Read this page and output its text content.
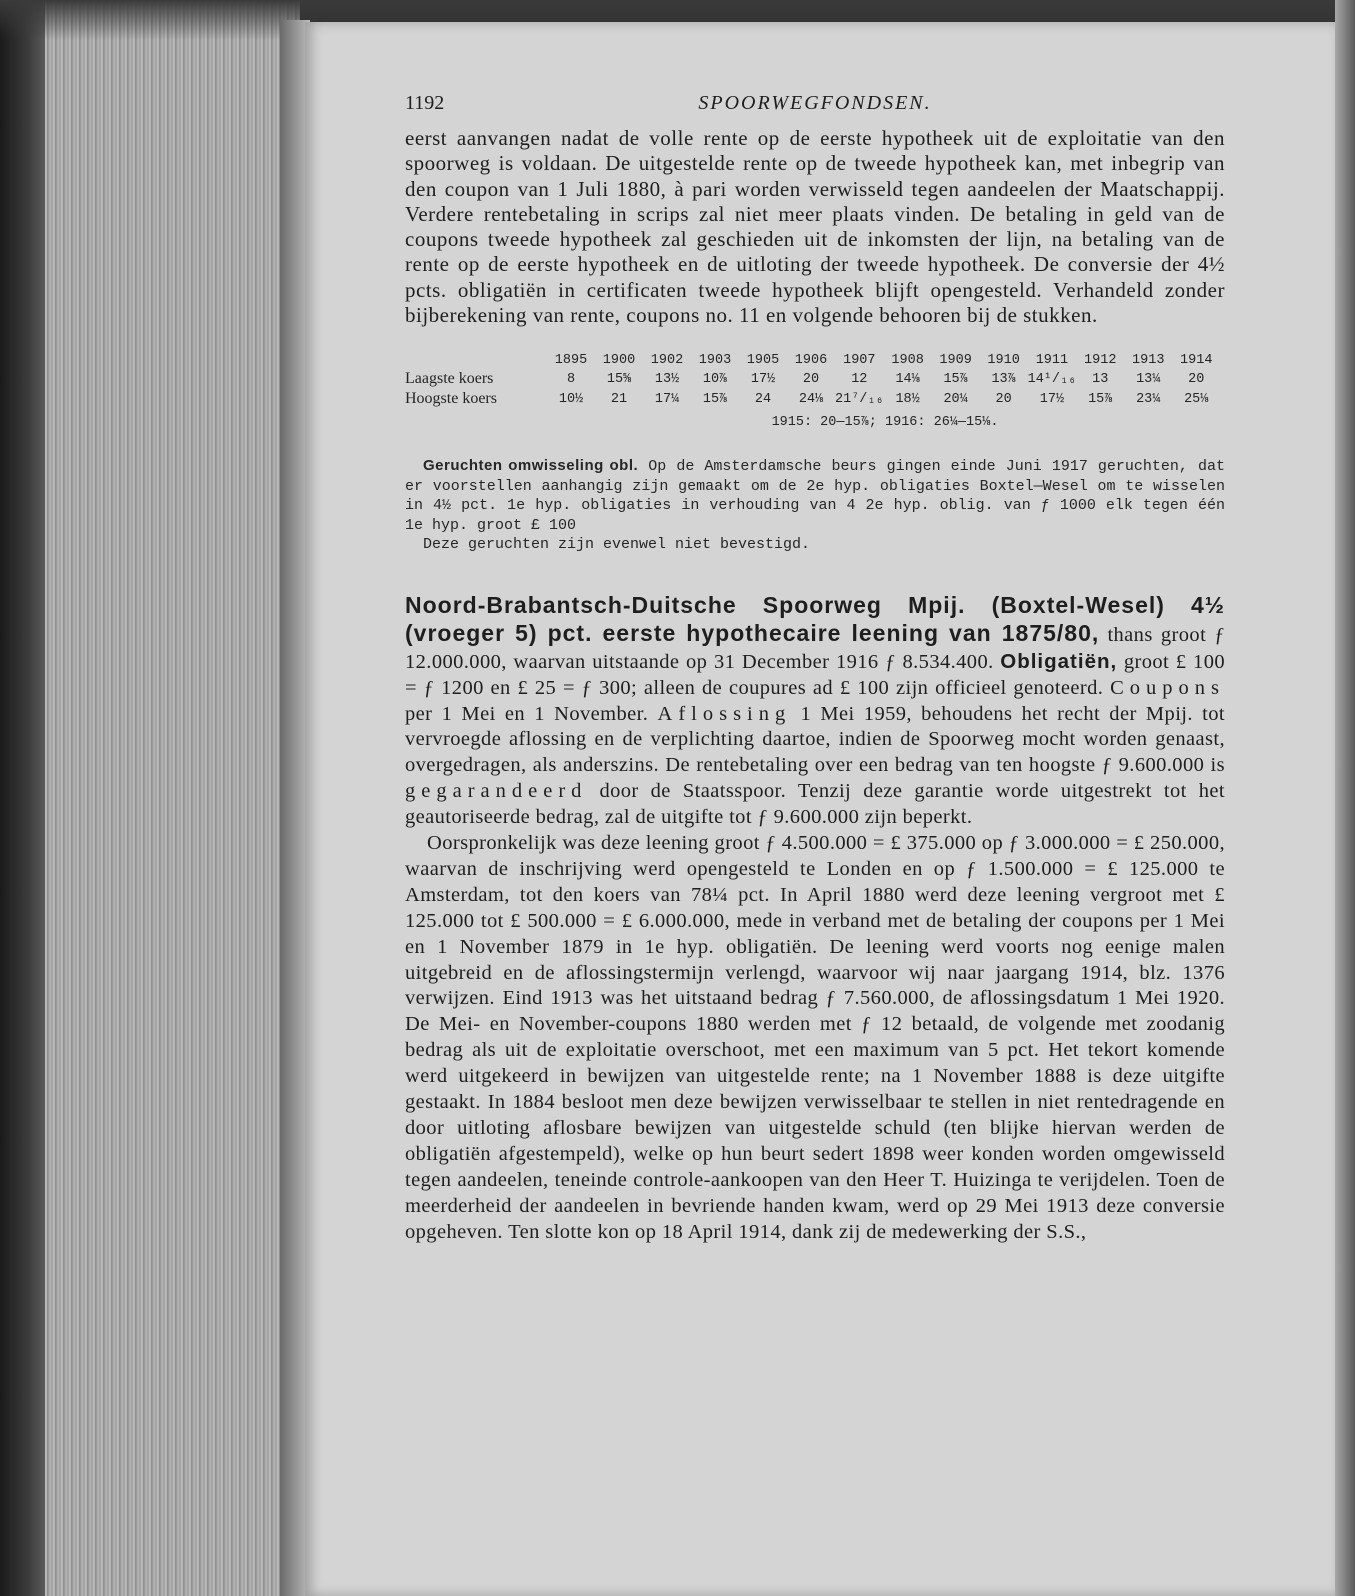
1192	SPOORWEGFONDSEN.

eerst aanvangen nadat de volle rente op de eerste hypotheek uit de exploitatie van den spoorweg is voldaan. De uitgestelde rente op de tweede hypotheek kan, met inbegrip van den coupon van 1 Juli 1880, à pari worden verwisseld tegen aandeelen der Maatschappij. Verdere rentebetaling in scrips zal niet meer plaats vinden. De betaling in geld van de coupons tweede hypotheek zal geschieden uit de inkomsten der lijn, na betaling van de rente op de eerste hypotheek en de uitloting der tweede hypotheek. De conversie der 4½ pcts. obligatiën in certificaten tweede hypotheek blijft opengesteld. Verhandeld zonder bijberekening van rente, coupons no. 11 en volgende behooren bij de stukken.

	1895	1900	1902	1903	1905	1906	1907	1908	1909	1910	1911	1912	1913	1914
Laagste koers	8	15⅝	13½	10⅞	17½	20	12	14⅛	15⅞	13⅞	14¹/₁₆	13	13¼	20
Hoogste koers	10½	21	17¼	15⅞	24	24⅛	21⁷/₁₆	18½	20¼	20	17½	15⅞	23¼	25⅛
1915: 20—15⅞; 1916: 26¼—15⅛.
Geruchten omwisseling obl. Op de Amsterdamsche beurs gingen einde Juni 1917 geruchten, dat er voorstellen aanhangig zijn gemaakt om de 2e hyp. obligaties Boxtel—Wesel om te wisselen in 4½ pct. 1e hyp. obligaties in verhouding van 4 2e hyp. oblig. van ƒ 1000 elk tegen één 1e hyp. groot £ 100
Deze geruchten zijn evenwel niet bevestigd.

Noord-Brabantsch-Duitsche Spoorweg Mpij. (Boxtel-Wesel) 4½ (vroeger 5) pct. eerste hypothecaire leening van 1875/80, thans groot ƒ 12.000.000, waarvan uitstaande op 31 December 1916 ƒ 8.534.400. Obligatiën, groot £ 100 = ƒ 1200 en £ 25 = ƒ 300; alleen de coupures ad £ 100 zijn officieel genoteerd. Coupons per 1 Mei en 1 November. Aflossing 1 Mei 1959, behoudens het recht der Mpij. tot vervroegde aflossing en de verplichting daartoe, indien de Spoorweg mocht worden genaast, overgedragen, als anderszins. De rentebetaling over een bedrag van ten hoogste ƒ 9.600.000 is gegarandeerd door de Staatsspoor. Tenzij deze garantie worde uitgestrekt tot het geautoriseerde bedrag, zal de uitgifte tot ƒ 9.600.000 zijn beperkt.

Oorspronkelijk was deze leening groot ƒ 4.500.000 = £ 375.000 op ƒ 3.000.000 = £ 250.000, waarvan de inschrijving werd opengesteld te Londen en op ƒ 1.500.000 = £ 125.000 te Amsterdam, tot den koers van 78¼ pct. In April 1880 werd deze leening vergroot met £ 125.000 tot £ 500.000 = £ 6.000.000, mede in verband met de betaling der coupons per 1 Mei en 1 November 1879 in 1e hyp. obligatiën. De leening werd voorts nog eenige malen uitgebreid en de aflossingstermijn verlengd, waarvoor wij naar jaargang 1914, blz. 1376 verwijzen. Eind 1913 was het uitstaand bedrag ƒ 7.560.000, de aflossingsdatum 1 Mei 1920. De Mei- en November-coupons 1880 werden met ƒ 12 betaald, de volgende met zoodanig bedrag als uit de exploitatie overschoot, met een maximum van 5 pct. Het tekort komende werd uitgekeerd in bewijzen van uitgestelde rente; na 1 November 1888 is deze uitgifte gestaakt. In 1884 besloot men deze bewijzen verwisselbaar te stellen in niet rentedragende en door uitloting aflosbare bewijzen van uitgestelde schuld (ten blijke hiervan werden de obligatiën afgestempeld), welke op hun beurt sedert 1898 weer konden worden omgewisseld tegen aandeelen, teneinde controle-aankoopen van den Heer T. Huizinga te verijdelen. Toen de meerderheid der aandeelen in bevriende handen kwam, werd op 29 Mei 1913 deze conversie opgeheven. Ten slotte kon op 18 April 1914, dank zij de medewerking der S.S.,
